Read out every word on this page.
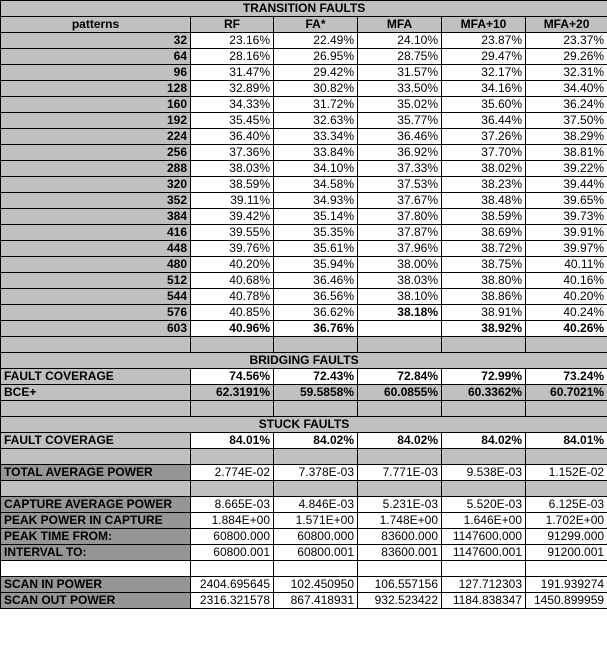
TRANSITION FAULTS					
patterns	RF	FA*	MFA	MFA+10	MFA+20
32	23.16%	22.49%	24.10%	23.87%	23.37%
64	28.16%	26.95%	28.75%	29.47%	29.26%
96	31.47%	29.42%	31.57%	32.17%	32.31%
128	32.89%	30.82%	33.50%	34.16%	34.40%
160	34.33%	31.72%	35.02%	35.60%	36.24%
192	35.45%	32.63%	35.77%	36.44%	37.50%
224	36.40%	33.34%	36.46%	37.26%	38.29%
256	37.36%	33.84%	36.92%	37.70%	38.81%
288	38.03%	34.10%	37.33%	38.02%	39.22%
320	38.59%	34.58%	37.53%	38.23%	39.44%
352	39.11%	34.93%	37.67%	38.48%	39.65%
384	39.42%	35.14%	37.80%	38.59%	39.73%
416	39.55%	35.35%	37.87%	38.69%	39.91%
448	39.76%	35.61%	37.96%	38.72%	39.97%
480	40.20%	35.94%	38.00%	38.75%	40.11%
512	40.68%	36.46%	38.03%	38.80%	40.16%
544	40.78%	36.56%	38.10%	38.86%	40.20%
576	40.85%	36.62%	38.18%	38.91%	40.24%
603	40.96%	36.76%		38.92%	40.26%

BRIDGING FAULTS					
FAULT COVERAGE	74.56%	72.43%	72.84%	72.99%	73.24%
BCE+	62.3191%	59.5858%	60.0855%	60.3362%	60.7021%

STUCK FAULTS					
FAULT COVERAGE	84.01%	84.02%	84.02%	84.02%	84.01%

TOTAL AVERAGE POWER	2.774E-02	7.378E-03	7.771E-03	9.538E-03	1.152E-02

CAPTURE AVERAGE POWER	8.665E-03	4.846E-03	5.231E-03	5.520E-03	6.125E-03
PEAK POWER IN CAPTURE	1.884E+00	1.571E+00	1.748E+00	1.646E+00	1.702E+00
PEAK TIME FROM:	60800.000	60800.000	83600.000	1147600.000	91299.000
INTERVAL TO:	60800.001	60800.001	83600.001	1147600.001	91200.001

SCAN IN POWER	2404.695645	102.450950	106.557156	127.712303	191.939274
SCAN OUT POWER	2316.321578	867.418931	932.523422	1184.838347	1450.899959
